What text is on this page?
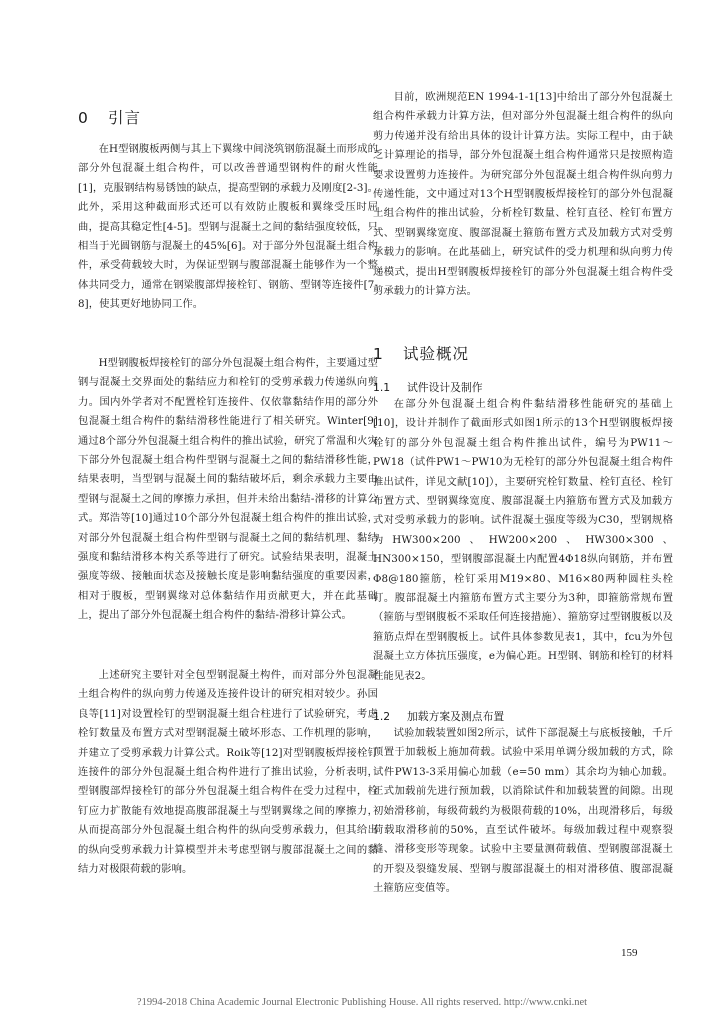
0 引言

在H型钢腹板两侧与其上下翼缘中间浇筑钢筋混凝土而形成的部分外包混凝土组合构件，可以改善普通型钢构件的耐火性能[1]，克服钢结构易锈蚀的缺点，提高型钢的承载力及刚度[2-3]。此外，采用这种截面形式还可以有效防止腹板和翼缘受压时屈曲，提高其稳定性[4-5]。型钢与混凝土之间的黏结强度较低，只相当于光圆钢筋与混凝土的45%[6]。对于部分外包混凝土组合构件，承受荷载较大时，为保证型钢与腹部混凝土能够作为一个整体共同受力，通常在钢梁腹部焊接栓钉、钢筋、型钢等连接件[7-8]，使其更好地协同工作。

H型钢腹板焊接栓钉的部分外包混凝土组合构件，主要通过型钢与混凝土交界面处的黏结应力和栓钉的受剪承载力传递纵向剪力。国内外学者对不配置栓钉连接件、仅依靠黏结作用的部分外包混凝土组合构件的黏结滑移性能进行了相关研究。Winter[9]通过8个部分外包混凝土组合构件的推出试验，研究了常温和火灾下部分外包混凝土组合构件型钢与混凝土之间的黏结滑移性能，结果表明，当型钢与混凝土间的黏结破坏后，剩余承载力主要由型钢与混凝土之间的摩擦力承担，但并未给出黏结-滑移的计算公式。郑浩等[10]通过10个部分外包混凝土组合构件的推出试验，对部分外包混凝土组合构件型钢与混凝土之间的黏结机理、黏结强度和黏结滑移本构关系等进行了研究。试验结果表明，混凝土强度等级、接触面状态及接触长度是影响黏结强度的重要因素，相对于腹板，型钢翼缘对总体黏结作用贡献更大，并在此基础上，提出了部分外包混凝土组合构件的黏结-滑移计算公式。

上述研究主要针对全包型钢混凝土构件，而对部分外包混凝土组合构件的纵向剪力传递及连接件设计的研究相对较少。孙国良等[11]对设置栓钉的型钢混凝土组合柱进行了试验研究，考虑栓钉数量及布置方式对型钢混凝土破坏形态、工作机理的影响，并建立了受剪承载力计算公式。Roik等[12]对型钢腹板焊接栓钉连接件的部分外包混凝土组合构件进行了推出试验，分析表明，型钢腹部焊接栓钉的部分外包混凝土组合构件在受力过程中，栓钉应力扩散能有效地提高腹部混凝土与型钢翼缘之间的摩擦力，从而提高部分外包混凝土组合构件的纵向受剪承载力，但其给出的纵向受剪承载力计算模型并未考虑型钢与腹部混凝土之间的黏结力对极限荷载的影响。

目前，欧洲规范EN 1994-1-1[13]中给出了部分外包混凝土组合构件承载力计算方法，但对部分外包混凝土组合构件的纵向剪力传递并没有给出具体的设计计算方法。实际工程中，由于缺乏计算理论的指导，部分外包混凝土组合构件通常只是按照构造要求设置剪力连接件。为研究部分外包混凝土组合构件纵向剪力传递性能，文中通过对13个H型钢腹板焊接栓钉的部分外包混凝土组合构件的推出试验，分析栓钉数量、栓钉直径、栓钉布置方式、型钢翼缘宽度、腹部混凝土箍筋布置方式及加载方式对受剪承载力的影响。在此基础上，研究试件的受力机理和纵向剪力传递模式，提出H型钢腹板焊接栓钉的部分外包混凝土组合构件受剪承载力的计算方法。

1 试验概况
1.1 试件设计及制作

在部分外包混凝土组合构件黏结滑移性能研究的基础上[10]，设计并制作了截面形式如图1所示的13个H型钢腹板焊接栓钉的部分外包混凝土组合构件推出试件，编号为PW11～PW18（试件PW1～PW10为无栓钉的部分外包混凝土组合构件推出试件，详见文献[10]），主要研究栓钉数量、栓钉直径、栓钉布置方式、型钢翼缘宽度、腹部混凝土内箍筋布置方式及加载方式对受剪承载力的影响。试件混凝土强度等级为C30，型钢规格为HW300×200、HW200×200、HW300×300、HN300×150，型钢腹部混凝土内配置4Φ18纵向钢筋，并布置Φ8@180箍筋，栓钉采用M19×80、M16×80两种圆柱头栓钉。腹部混凝土内箍筋布置方式主要分为3种，即箍筋常规布置（箍筋与型钢腹板不采取任何连接措施）、箍筋穿过型钢腹板以及箍筋点焊在型钢腹板上。试件具体参数见表1，其中，fcu为外包混凝土立方体抗压强度，e为偏心距。H型钢、钢筋和栓钉的材料性能见表2。

1.2 加载方案及测点布置

试验加载装置如图2所示，试件下部混凝土与底板接触，千斤顶置于加载板上施加荷载。试验中采用单调分级加载的方式，除试件PW13-3采用偏心加载（e=50 mm）其余均为轴心加载。正式加载前先进行预加载，以消除试件和加载装置的间隙。出现初始滑移前，每级荷载约为极限荷载的10%，出现滑移后，每级荷载取滑移前的50%，直至试件破坏。每级加载过程中观察裂缝、滑移变形等现象。试验中主要量测荷载值、型钢腹部混凝土的开裂及裂缝发展、型钢与腹部混凝土的相对滑移值、腹部混凝土箍筋应变值等。

159
?1994-2018 China Academic Journal Electronic Publishing House. All rights reserved. http://www.cnki.net
